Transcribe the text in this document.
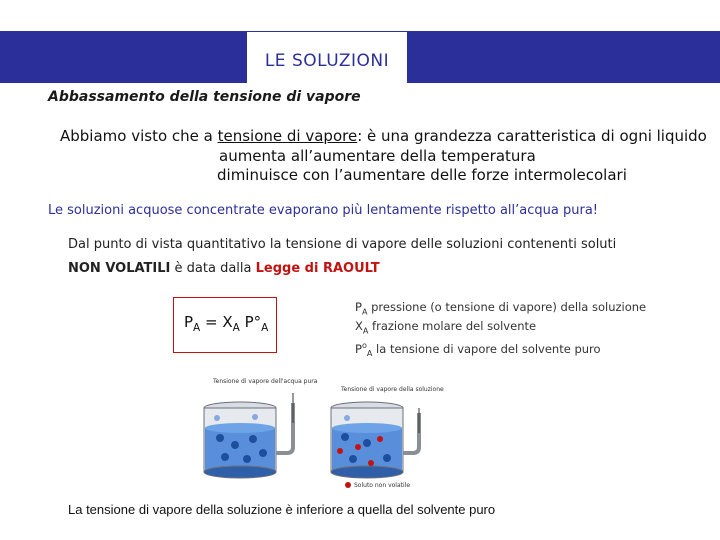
LE SOLUZIONI
Abbassamento della tensione di vapore
Abbiamo visto che a tensione di vapore: è una grandezza caratteristica di ogni liquido
aumenta all’aumentare della temperatura
diminuisce con l’aumentare delle forze intermolecolari
Le soluzioni acquose concentrate evaporano più lentamente rispetto all’acqua pura!
Dal punto di vista quantitativo la tensione di vapore delle soluzioni contenenti soluti
NON VOLATILI è data dalla Legge di RAOULT
$P_A = X_A$ $P^\circ_A$
$P_A$ pressione (o tensione di vapore) della soluzione
$X_A$ frazione molare del solvente
$P^o_A$ la tensione di vapore del solvente puro
Tensione di vapore dell'acqua pura
Tensione di vapore della soluzione
Soluto non volatile
La tensione di vapore della soluzione è inferiore a quella del solvente puro
